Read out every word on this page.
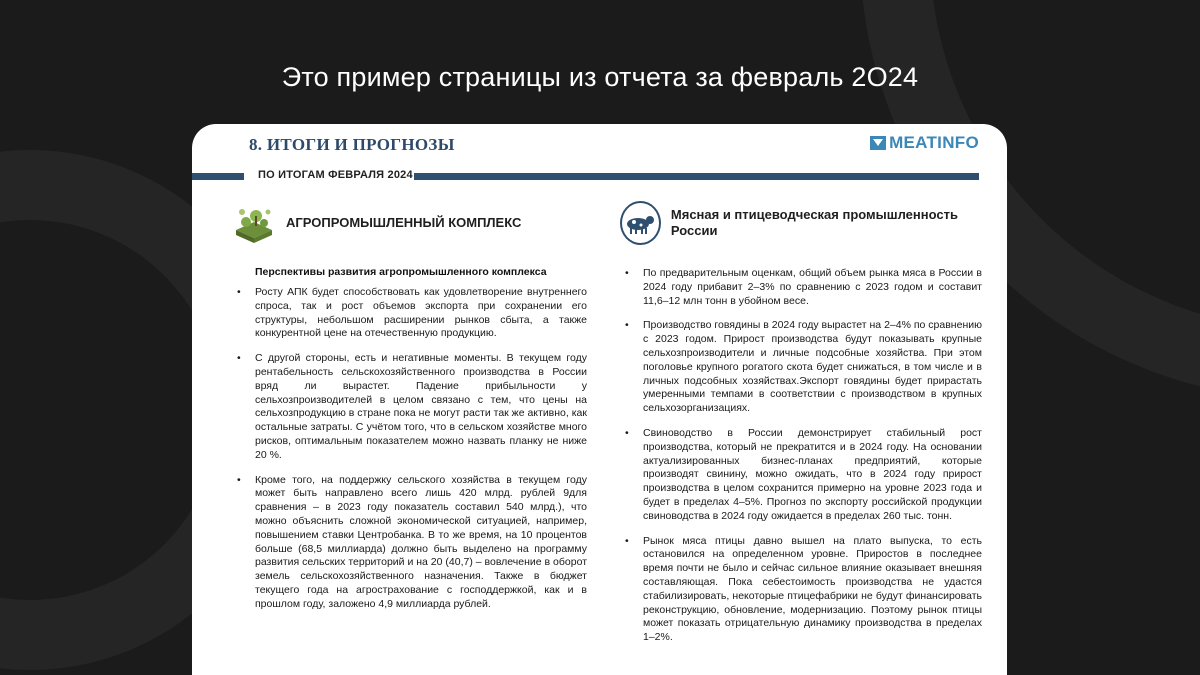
Это пример страницы из отчета за февраль 2О24
8. ИТОГИ И ПРОГНОЗЫ	MEATINFO
ПО ИТОГАМ ФЕВРАЛЯ 2024
АГРОПРОМЫШЛЕННЫЙ КОМПЛЕКС
Перспективы развития агропромышленного комплекса
• Росту АПК будет способствовать как удовлетворение внутреннего спроса, так и рост объемов экспорта при сохранении его структуры, небольшом расширении рынков сбыта, а также конкурентной цене на отечественную продукцию.
• С другой стороны, есть и негативные моменты. В текущем году рентабельность сельскохозяйственного производства в России вряд ли вырастет. Падение прибыльности у сельхозпроизводителей в целом связано с тем, что цены на сельхозпродукцию в стране пока не могут расти так же активно, как остальные затраты. С учётом того, что в сельском хозяйстве много рисков, оптимальным показателем можно назвать планку не ниже 20 %.
• Кроме того, на поддержку сельского хозяйства в текущем году может быть направлено всего лишь 420 млрд. рублей 9для сравнения – в 2023 году показатель составил 540 млрд.), что можно объяснить сложной экономической ситуацией, например, повышением ставки Центробанка. В то же время, на 10 процентов больше (68,5 миллиарда) должно быть выделено на программу развития сельских территорий и на 20 (40,7) – вовлечение в оборот земель сельскохозяйственного назначения. Также в бюджет текущего года на агрострахование с господдержкой, как и в прошлом году, заложено 4,9 миллиарда рублей.
Мясная и птицеводческая промышленность России
• По предварительным оценкам, общий объем рынка мяса в России в 2024 году прибавит 2–3% по сравнению с 2023 годом и составит 11,6–12 млн тонн в убойном весе.
• Производство говядины в 2024 году вырастет на 2–4% по сравнению с 2023 годом. Прирост производства будут показывать крупные сельхозпроизводители и личные подсобные хозяйства. При этом поголовье крупного рогатого скота будет снижаться, в том числе и в личных подсобных хозяйствах.Экспорт говядины будет прирастать умеренными темпами в соответствии с производством в крупных сельхозорганизациях.
• Свиноводство в России демонстрирует стабильный рост производства, который не прекратится и в 2024 году. На основании актуализированных бизнес-планах предприятий, которые производят свинину, можно ожидать, что в 2024 году прирост производства в целом сохранится примерно на уровне 2023 года и будет в пределах 4–5%. Прогноз по экспорту российской продукции свиноводства в 2024 году ожидается в пределах 260 тыс. тонн.
• Рынок мяса птицы давно вышел на плато выпуска, то есть остановился на определенном уровне. Приростов в последнее время почти не было и сейчас сильное влияние оказывает внешняя составляющая. Пока себестоимость производства не удастся стабилизировать, некоторые птицефабрики не будут финансировать реконструкцию, обновление, модернизацию. Поэтому рынок птицы может показать отрицательную динамику производства в пределах 1–2%.
